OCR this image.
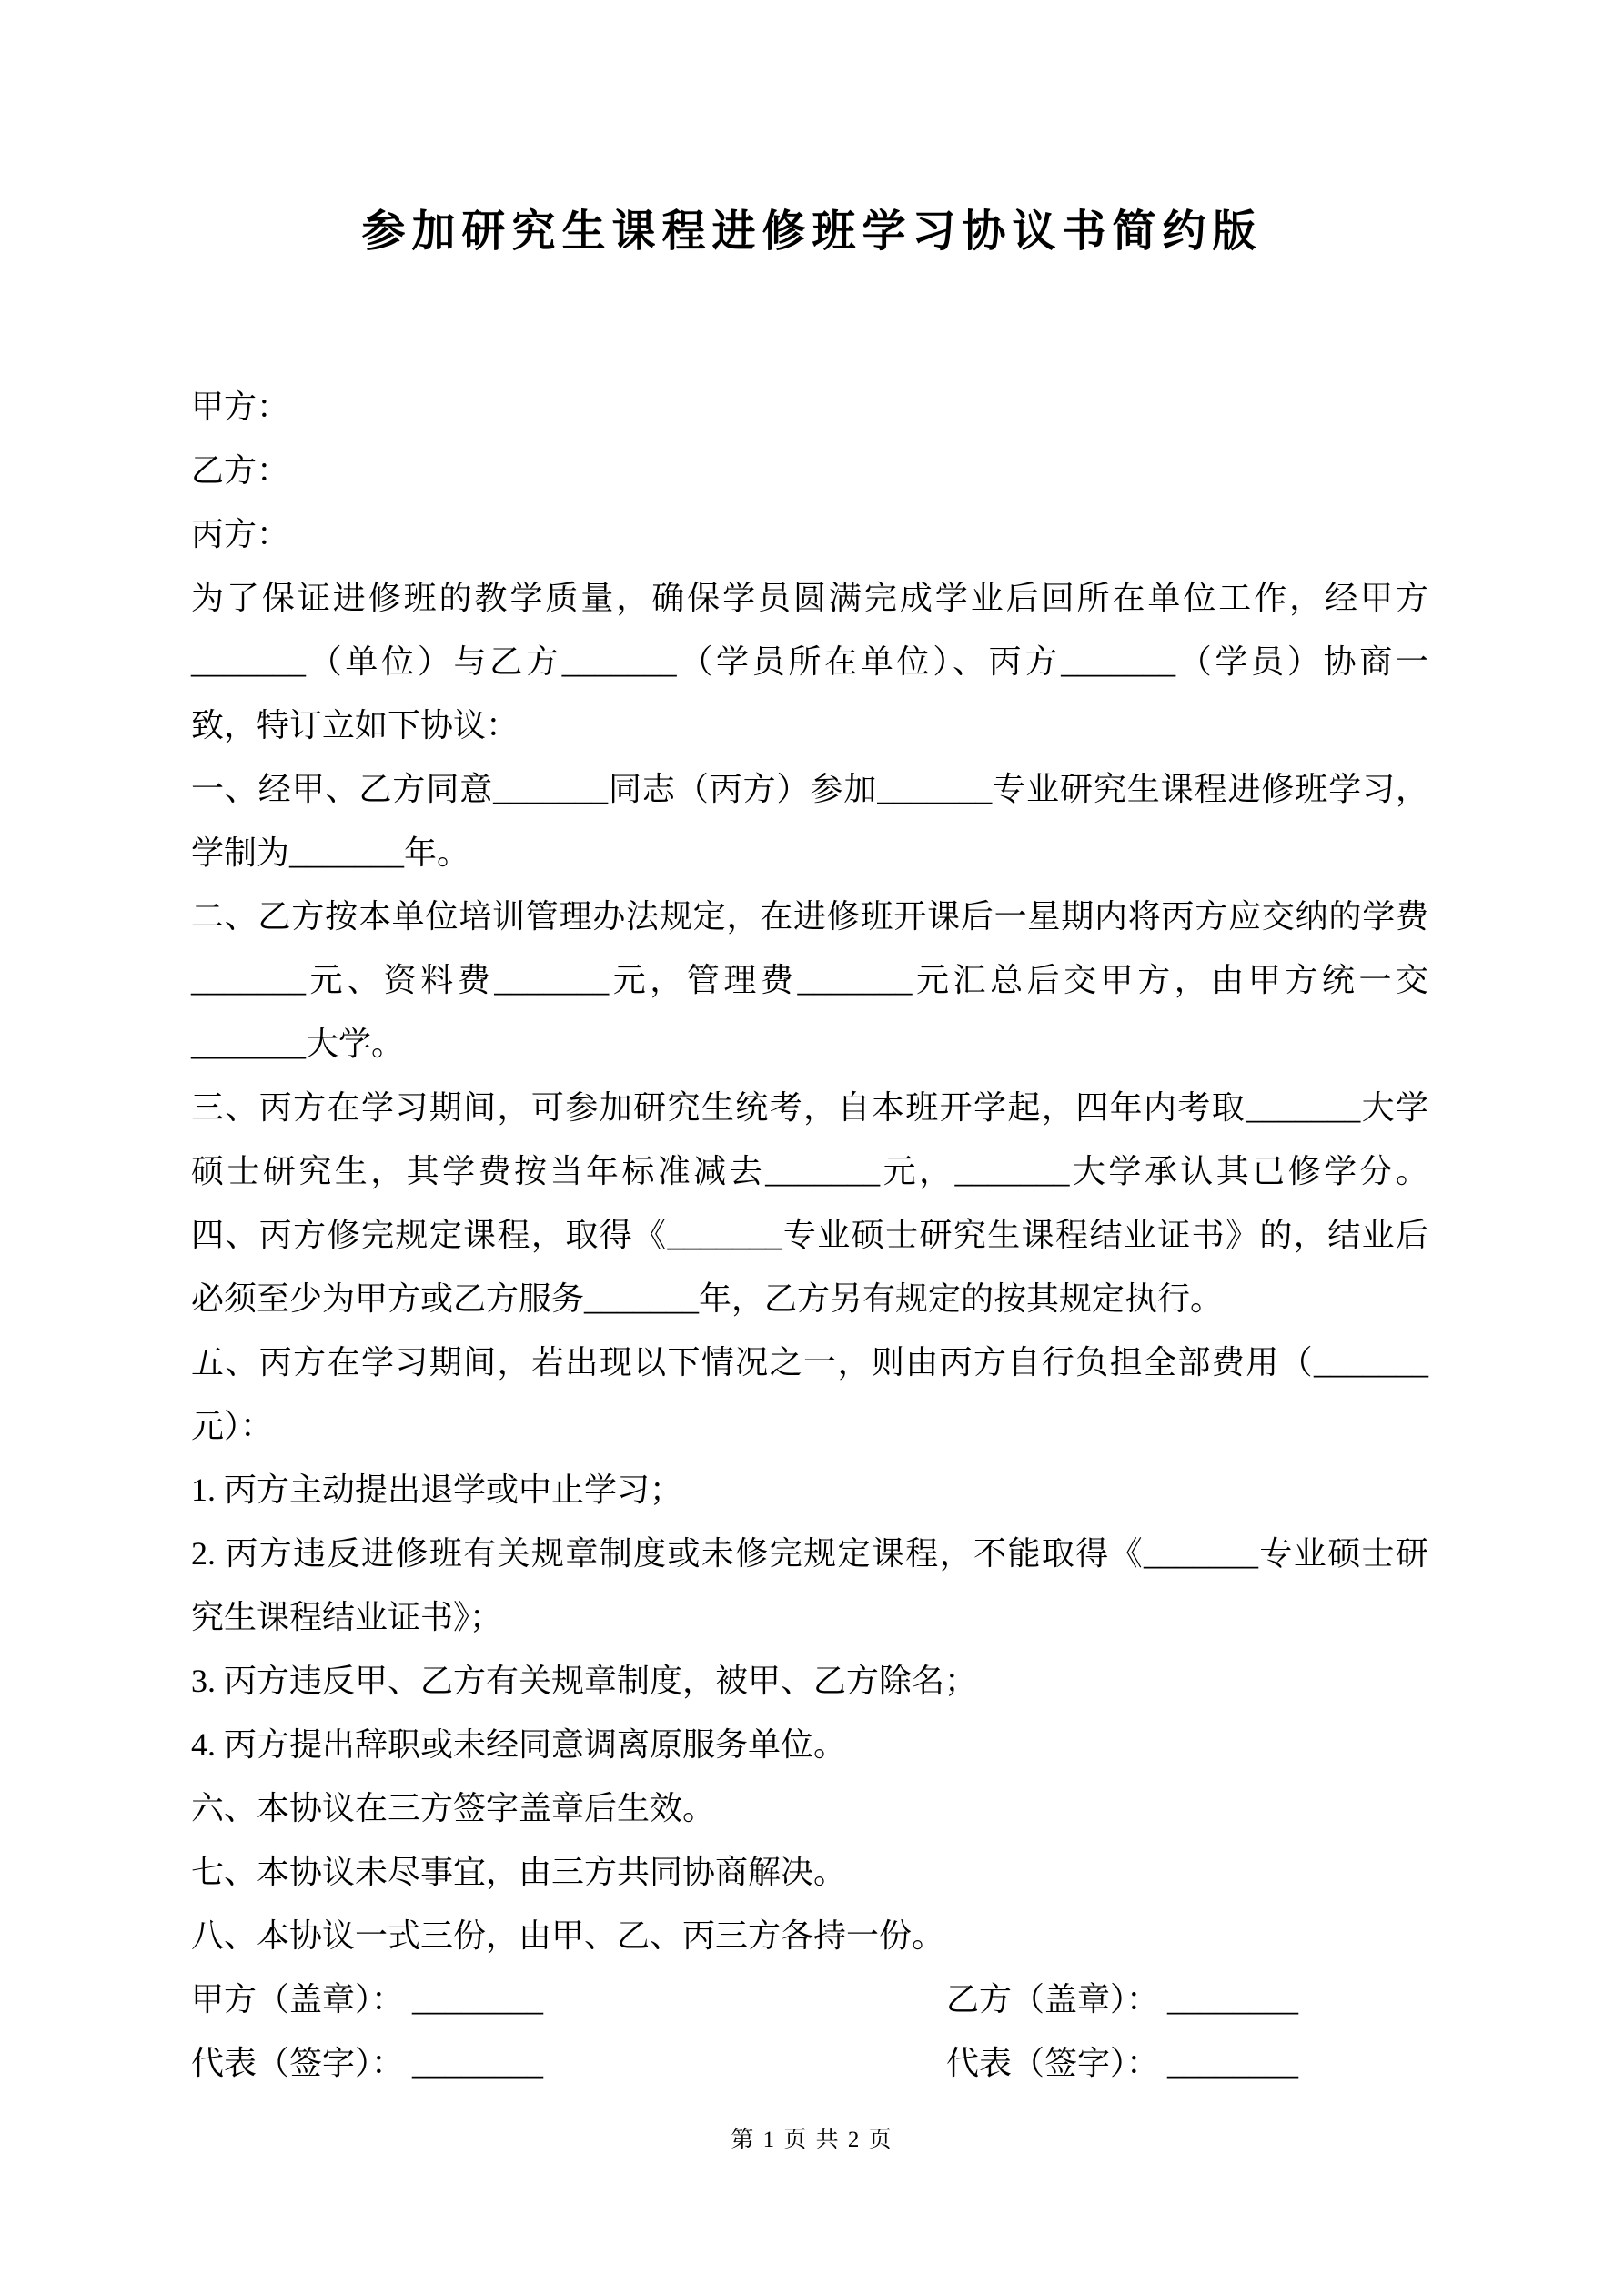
参加研究生课程进修班学习协议书简约版
甲方：
乙方：
丙方：
为了保证进修班的教学质量，确保学员圆满完成学业后回所在单位工作，经甲方
_______（单位）与乙方_______（学员所在单位）、丙方_______（学员）协商一
致，特订立如下协议：
一、经甲、乙方同意_______同志（丙方）参加_______专业研究生课程进修班学习，
学制为_______年。
二、乙方按本单位培训管理办法规定，在进修班开课后一星期内将丙方应交纳的学费
_______元、资料费_______元，管理费_______元汇总后交甲方，由甲方统一交
_______大学。
三、丙方在学习期间，可参加研究生统考，自本班开学起，四年内考取_______大学
硕士研究生，其学费按当年标准减去_______元，_______大学承认其已修学分。
四、丙方修完规定课程，取得《_______专业硕士研究生课程结业证书》的，结业后
必须至少为甲方或乙方服务_______年，乙方另有规定的按其规定执行。
五、丙方在学习期间，若出现以下情况之一，则由丙方自行负担全部费用（_______
元）：
1. 丙方主动提出退学或中止学习；
2. 丙方违反进修班有关规章制度或未修完规定课程，不能取得《_______专业硕士研
究生课程结业证书》；
3. 丙方违反甲、乙方有关规章制度，被甲、乙方除名；
4. 丙方提出辞职或未经同意调离原服务单位。
六、本协议在三方签字盖章后生效。
七、本协议未尽事宜，由三方共同协商解决。
八、本协议一式三份，由甲、乙、丙三方各持一份。
甲方（盖章）： ________	乙方（盖章）： ________
代表（签字）： ________	代表（签字）： ________
第 1 页 共 2 页
